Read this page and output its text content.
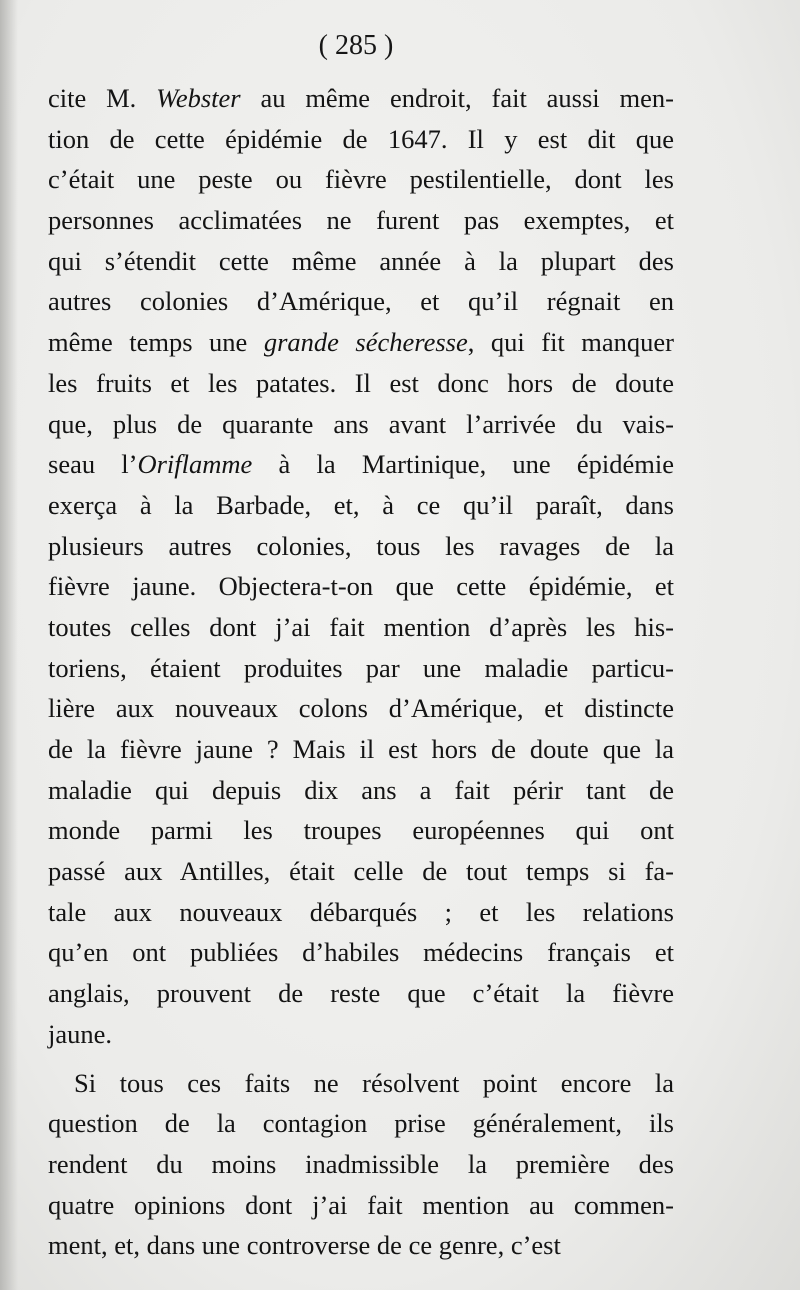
( 285 )
cite M. Webster au même endroit, fait aussi men-
tion de cette épidémie de 1647. Il y est dit que
c’était une peste ou fièvre pestilentielle, dont les
personnes acclimatées ne furent pas exemptes, et
qui s’étendit cette même année à la plupart des
autres colonies d’Amérique, et qu’il régnait en
même temps une grande sécheresse, qui fit manquer
les fruits et les patates. Il est donc hors de doute
que, plus de quarante ans avant l’arrivée du vais-
seau l’Oriflamme à la Martinique, une épidémie
exerça à la Barbade, et, à ce qu’il paraît, dans
plusieurs autres colonies, tous les ravages de la
fièvre jaune. Objectera-t-on que cette épidémie, et
toutes celles dont j’ai fait mention d’après les his-
toriens, étaient produites par une maladie particu-
lière aux nouveaux colons d’Amérique, et distincte
de la fièvre jaune ? Mais il est hors de doute que la
maladie qui depuis dix ans a fait périr tant de
monde parmi les troupes européennes qui ont
passé aux Antilles, était celle de tout temps si fa-
tale aux nouveaux débarqués ; et les relations
qu’en ont publiées d’habiles médecins français et
anglais, prouvent de reste que c’était la fièvre
jaune.
Si tous ces faits ne résolvent point encore la
question de la contagion prise généralement, ils
rendent du moins inadmissible la première des
quatre opinions dont j’ai fait mention au commen-
ment, et, dans une controverse de ce genre, c’est
